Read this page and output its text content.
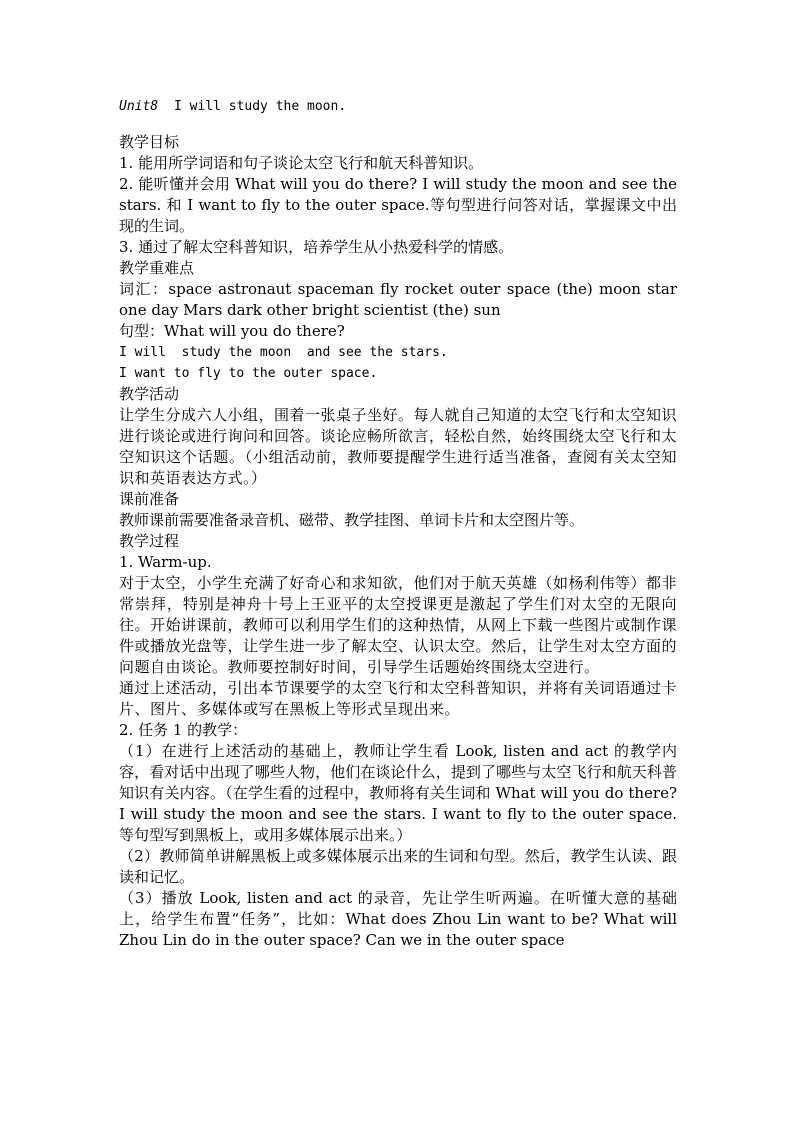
Unit8 I will study the moon.
教学目标
1. 能用所学词语和句子谈论太空飞行和航天科普知识。
2. 能听懂并会用 What will you do there? I will study the moon and see the stars. 和 I want to fly to the outer space.等句型进行问答对话，掌握课文中出现的生词。
3. 通过了解太空科普知识，培养学生从小热爱科学的情感。
教学重难点
词汇：space astronaut spaceman fly rocket outer space (the) moon star one day Mars dark other bright scientist (the) sun
句型：What will you do there?
I will  study the moon  and see the stars.
I want to fly to the outer space.
教学活动
让学生分成六人小组，围着一张桌子坐好。每人就自己知道的太空飞行和太空知识进行谈论或进行询问和回答。谈论应畅所欲言，轻松自然，始终围绕太空飞行和太空知识这个话题。（小组活动前，教师要提醒学生进行适当准备，查阅有关太空知识和英语表达方式。）
课前准备
教师课前需要准备录音机、磁带、教学挂图、单词卡片和太空图片等。
教学过程
1. Warm-up.
对于太空，小学生充满了好奇心和求知欲，他们对于航天英雄（如杨利伟等）都非常崇拜，特别是神舟十号上王亚平的太空授课更是激起了学生们对太空的无限向往。开始讲课前，教师可以利用学生们的这种热情，从网上下载一些图片或制作课件或播放光盘等，让学生进一步了解太空、认识太空。然后，让学生对太空方面的问题自由谈论。教师要控制好时间，引导学生话题始终围绕太空进行。
通过上述活动，引出本节课要学的太空飞行和太空科普知识，并将有关词语通过卡片、图片、多媒体或写在黑板上等形式呈现出来。
2. 任务 1 的教学：
（1）在进行上述活动的基础上，教师让学生看 Look, listen and act 的教学内容，看对话中出现了哪些人物，他们在谈论什么，提到了哪些与太空飞行和航天科普知识有关内容。（在学生看的过程中，教师将有关生词和 What will you do there? I will study the moon and see the stars. I want to fly to the outer space. 等句型写到黑板上，或用多媒体展示出来。）
（2）教师简单讲解黑板上或多媒体展示出来的生词和句型。然后，教学生认读、跟读和记忆。
（3）播放 Look, listen and act 的录音，先让学生听两遍。在听懂大意的基础上，给学生布置“任务”，比如：What does Zhou Lin want to be? What will Zhou Lin do in the outer space? Can we in the outer space
